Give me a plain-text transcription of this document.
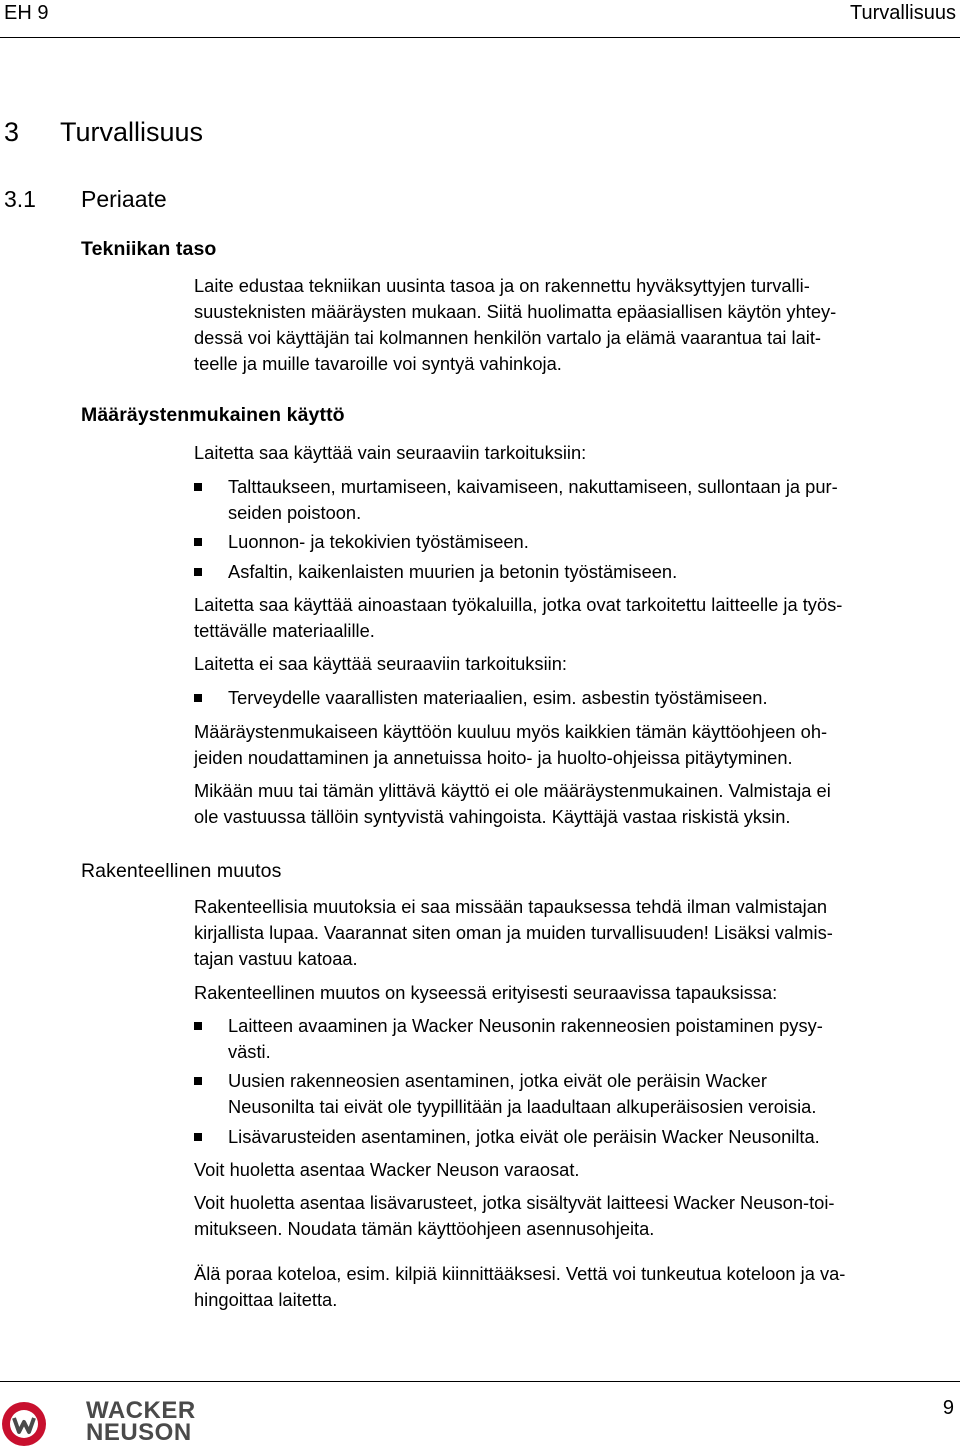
EH 9	Turvallisuus
3 Turvallisuus
3.1 Periaate
Tekniikan taso

Laite edustaa tekniikan uusinta tasoa ja on rakennettu hyväksyttyjen turvalli-

suusteknisten määräysten mukaan. Siitä huolimatta epäasiallisen käytön yhtey-

dessä voi käyttäjän tai kolmannen henkilön vartalo ja elämä vaarantua tai lait-

teelle ja muille tavaroille voi syntyä vahinkoja.

Määräystenmukainen käyttö
Laitetta saa käyttää vain seuraaviin tarkoituksiin:
Talttaukseen, murtamiseen, kaivamiseen, nakuttamiseen, sullontaan ja pur-
seiden poistoon.
Luonnon- ja tekokivien työstämiseen.
Asfaltin, kaikenlaisten muurien ja betonin työstämiseen.

Laitetta saa käyttää ainoastaan työkaluilla, jotka ovat tarkoitettu laitteelle ja työs-

tettävälle materiaalille.

Laitetta ei saa käyttää seuraaviin tarkoituksiin:
Terveydelle vaarallisten materiaalien, esim. asbestin työstämiseen.

Määräystenmukaiseen käyttöön kuuluu myös kaikkien tämän käyttöohjeen oh-

jeiden noudattaminen ja annetuissa hoito- ja huolto-ohjeissa pitäytyminen.

Mikään muu tai tämän ylittävä käyttö ei ole määräystenmukainen. Valmistaja ei

ole vastuussa tällöin syntyvistä vahingoista. Käyttäjä vastaa riskistä yksin.

Rakenteellinen muutos

Rakenteellisia muutoksia ei saa missään tapauksessa tehdä ilman valmistajan

kirjallista lupaa. Vaarannat siten oman ja muiden turvallisuuden! Lisäksi valmis-

tajan vastuu katoaa.

Rakenteellinen muutos on kyseessä erityisesti seuraavissa tapauksissa:
Laitteen avaaminen ja Wacker Neusonin rakenneosien poistaminen pysy-
västi.
Uusien rakenneosien asentaminen, jotka eivät ole peräisin Wacker
Neusonilta tai eivät ole tyypillitään ja laadultaan alkuperäisosien veroisia.
Lisävarusteiden asentaminen, jotka eivät ole peräisin Wacker Neusonilta.
Voit huoletta asentaa Wacker Neuson varaosat.

Voit huoletta asentaa lisävarusteet, jotka sisältyvät laitteesi Wacker Neuson-toi-

mitukseen. Noudata tämän käyttöohjeen asennusohjeita.

Älä poraa koteloa, esim. kilpiä kiinnittääksesi. Vettä voi tunkeutua koteloon ja va-

hingoittaa laitetta.

WACKER
NEUSON
9
